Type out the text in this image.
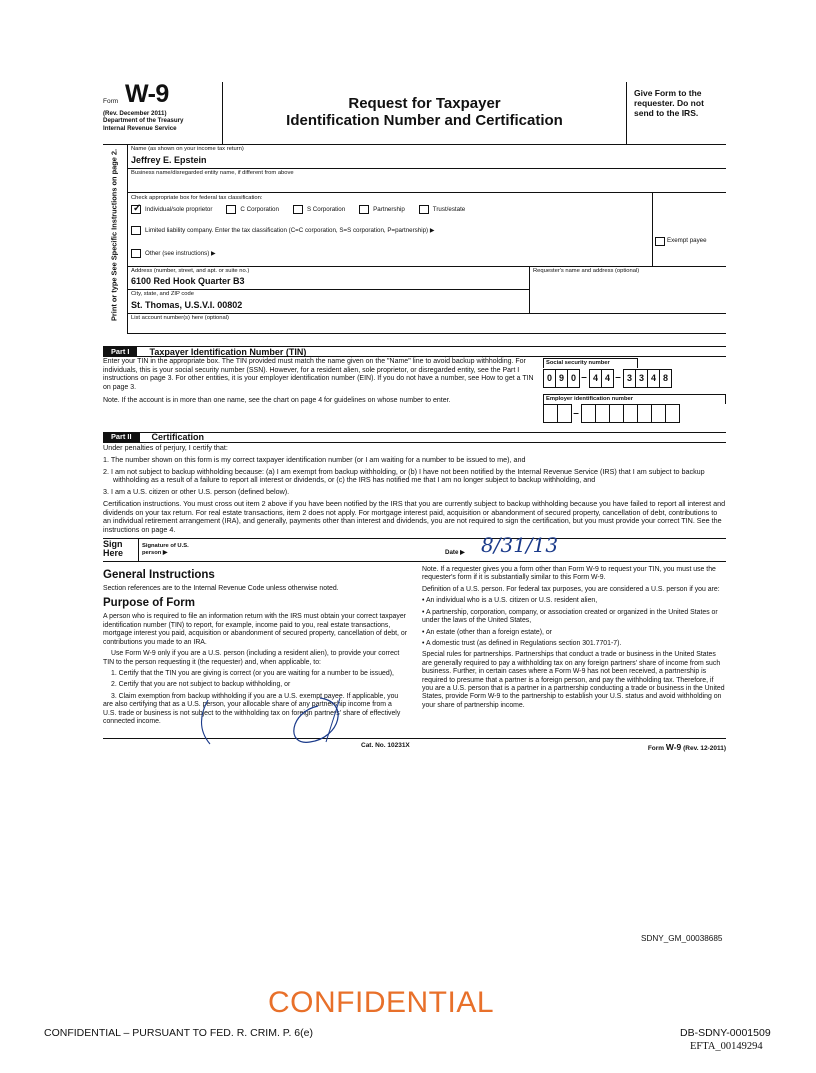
Form W-9
(Rev. December 2011)
Department of the Treasury
Internal Revenue Service
Request for Taxpayer
Identification Number and Certification
Give Form to the requester. Do not send to the IRS.
Print or type See Specific Instructions on page 2. Name (as shown on your income tax return)
Jeffrey E. Epstein
Business name/disregarded entity name, if different from above
Check appropriate box for federal tax classification:
✓
Individual/sole proprietor	C Corporation	S Corporation	Partnership	Trust/estate
Limited liability company. Enter the tax classification (C=C corporation, S=S corporation, P=partnership) ▶
Other (see instructions) ▶
Exempt payee
Address (number, street, and apt. or suite no.)
6100 Red Hook Quarter B3
City, state, and ZIP code
St. Thomas, U.S.V.I. 00802
Requester's name and address (optional)
List account number(s) here (optional)
Part I	Taxpayer Identification Number (TIN)

Enter your TIN in the appropriate box. The TIN provided must match the name given on the "Name" line to avoid backup withholding. For individuals, this is your social security number (SSN). However, for a resident alien, sole proprietor, or disregarded entity, see the Part I instructions on page 3. For other entities, it is your employer identification number (EIN). If you do not have a number, see How to get a TIN on page 3.

Note. If the account is in more than one name, see the chart on page 4 for guidelines on whose number to enter.

Social security number
0 9 0 – 4 4 – 3 3 4 8
Employer identification number
–
Part II	Certification

Under penalties of perjury, I certify that:

1. The number shown on this form is my correct taxpayer identification number (or I am waiting for a number to be issued to me), and

2. I am not subject to backup withholding because: (a) I am exempt from backup withholding, or (b) I have not been notified by the Internal Revenue Service (IRS) that I am subject to backup withholding as a result of a failure to report all interest or dividends, or (c) the IRS has notified me that I am no longer subject to backup withholding, and

3. I am a U.S. citizen or other U.S. person (defined below).

Certification instructions. You must cross out item 2 above if you have been notified by the IRS that you are currently subject to backup withholding because you have failed to report all interest and dividends on your tax return. For real estate transactions, item 2 does not apply. For mortgage interest paid, acquisition or abandonment of secured property, cancellation of debt, contributions to an individual retirement arrangement (IRA), and generally, payments other than interest and dividends, you are not required to sign the certification, but you must provide your correct TIN. See the instructions on page 4.

Sign Here
Signature of U.S. person ▶	Date ▶ 8/31/13
General Instructions

Section references are to the Internal Revenue Code unless otherwise noted.

Purpose of Form

A person who is required to file an information return with the IRS must obtain your correct taxpayer identification number (TIN) to report, for example, income paid to you, real estate transactions, mortgage interest you paid, acquisition or abandonment of secured property, cancellation of debt, or contributions you made to an IRA.

Use Form W-9 only if you are a U.S. person (including a resident alien), to provide your correct TIN to the person requesting it (the requester) and, when applicable, to:

1. Certify that the TIN you are giving is correct (or you are waiting for a number to be issued),

2. Certify that you are not subject to backup withholding, or

3. Claim exemption from backup withholding if you are a U.S. exempt payee. If applicable, you are also certifying that as a U.S. person, your allocable share of any partnership income from a U.S. trade or business is not subject to the withholding tax on foreign partners' share of effectively connected income.

Note. If a requester gives you a form other than Form W-9 to request your TIN, you must use the requester's form if it is substantially similar to this Form W-9.

Definition of a U.S. person. For federal tax purposes, you are considered a U.S. person if you are:

• An individual who is a U.S. citizen or U.S. resident alien,

• A partnership, corporation, company, or association created or organized in the United States or under the laws of the United States,

• An estate (other than a foreign estate), or

• A domestic trust (as defined in Regulations section 301.7701-7).

Special rules for partnerships. Partnerships that conduct a trade or business in the United States are generally required to pay a withholding tax on any foreign partners' share of income from such business. Further, in certain cases where a Form W-9 has not been received, a partnership is required to presume that a partner is a foreign person, and pay the withholding tax. Therefore, if you are a U.S. person that is a partner in a partnership conducting a trade or business in the United States, provide Form W-9 to the partnership to establish your U.S. status and avoid withholding on your share of partnership income.

Cat. No. 10231X	Form W-9 (Rev. 12-2011)
SDNY_GM_00038685
CONFIDENTIAL
CONFIDENTIAL – PURSUANT TO FED. R. CRIM. P. 6(e)	DB-SDNY-0001509
EFTA_00149294
